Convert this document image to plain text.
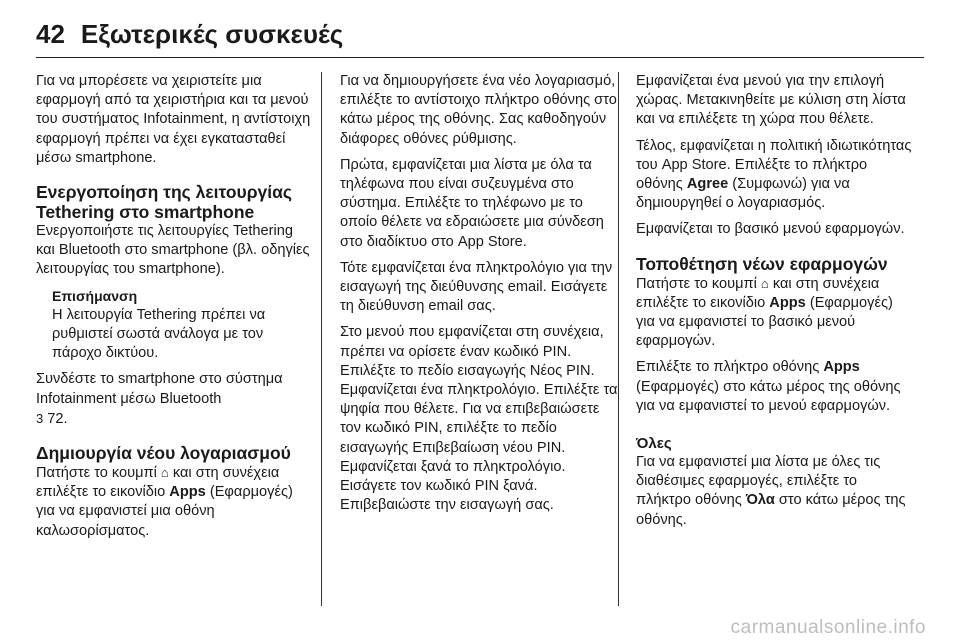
42 Εξωτερικές συσκευές

Για να μπορέσετε να χειριστείτε μια εφαρμογή από τα χειριστήρια και τα μενού του συστήματος Infotainment, η αντίστοιχη εφαρμογή πρέπει να έχει εγκατασταθεί μέσω smartphone.

Ενεργοποίηση της λειτουργίας Tethering στο smartphone

Ενεργοποιήστε τις λειτουργίες Tethering και Bluetooth στο smartphone (βλ. οδηγίες λειτουργίας του smartphone).

Επισήμανση
Η λειτουργία Tethering πρέπει να ρυθμιστεί σωστά ανάλογα με τον πάροχο δικτύου.

Συνδέστε το smartphone στο σύστημα Infotainment μέσω Bluetooth
3 72.

Δημιουργία νέου λογαριασμού

Πατήστε το κουμπί ⌂ και στη συνέχεια επιλέξτε το εικονίδιο Apps (Εφαρμογές) για να εμφανιστεί μια οθόνη καλωσορίσματος.

Για να δημιουργήσετε ένα νέο λογαριασμό, επιλέξτε το αντίστοιχο πλήκτρο οθόνης στο κάτω μέρος της οθόνης. Σας καθοδηγούν διάφορες οθόνες ρύθμισης.

Πρώτα, εμφανίζεται μια λίστα με όλα τα τηλέφωνα που είναι συζευγμένα στο σύστημα. Επιλέξτε το τηλέφωνο με το οποίο θέλετε να εδραιώσετε μια σύνδεση στο διαδίκτυο στο App Store.

Τότε εμφανίζεται ένα πληκτρολόγιο για την εισαγωγή της διεύθυνσης email. Εισάγετε τη διεύθυνση email σας.

Στο μενού που εμφανίζεται στη συνέχεια, πρέπει να ορίσετε έναν κωδικό PIN. Επιλέξτε το πεδίο εισαγωγής Νέος PIN. Εμφανίζεται ένα πληκτρολόγιο. Επιλέξτε τα ψηφία που θέλετε. Για να επιβεβαιώσετε τον κωδικό PIN, επιλέξτε το πεδίο εισαγωγής Επιβεβαίωση νέου PIN. Εμφανίζεται ξανά το πληκτρολόγιο. Εισάγετε τον κωδικό PIN ξανά. Επιβεβαιώστε την εισαγωγή σας.

Εμφανίζεται ένα μενού για την επιλογή χώρας. Μετακινηθείτε με κύλιση στη λίστα και να επιλέξετε τη χώρα που θέλετε.

Τέλος, εμφανίζεται η πολιτική ιδιωτικότητας του App Store. Επιλέξτε το πλήκτρο οθόνης Agree (Συμφωνώ) για να δημιουργηθεί ο λογαριασμός.

Εμφανίζεται το βασικό μενού εφαρμογών.

Τοποθέτηση νέων εφαρμογών

Πατήστε το κουμπί ⌂ και στη συνέχεια επιλέξτε το εικονίδιο Apps (Εφαρμογές) για να εμφανιστεί το βασικό μενού εφαρμογών.

Επιλέξτε το πλήκτρο οθόνης Apps (Εφαρμογές) στο κάτω μέρος της οθόνης για να εμφανιστεί το μενού εφαρμογών.

Όλες

Για να εμφανιστεί μια λίστα με όλες τις διαθέσιμες εφαρμογές, επιλέξτε το πλήκτρο οθόνης Όλα στο κάτω μέρος της οθόνης.

carmanualsonline.info
